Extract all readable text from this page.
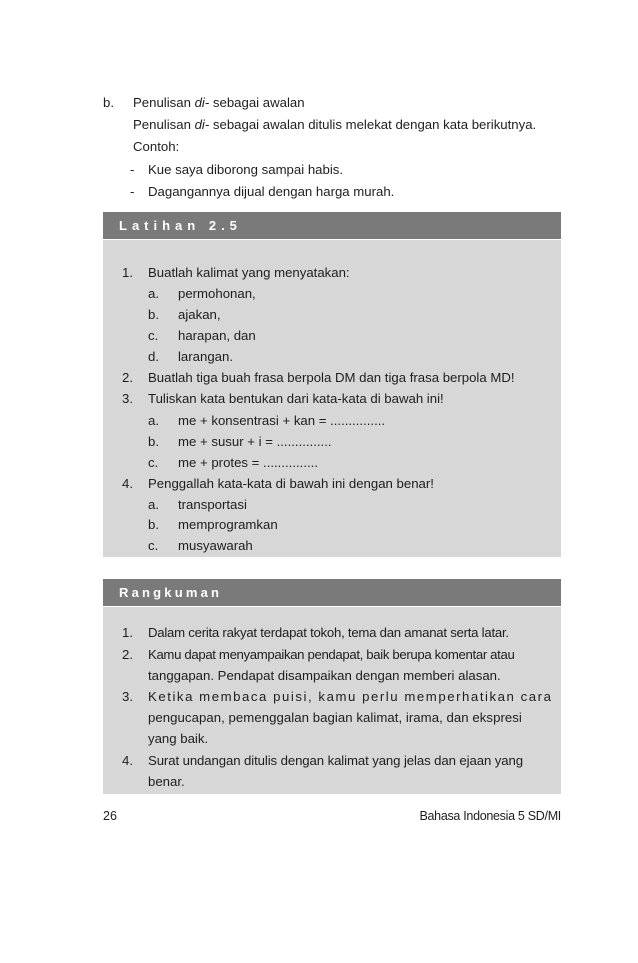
b. Penulisan di- sebagai awalan
Penulisan di- sebagai awalan ditulis melekat dengan kata berikutnya.
Contoh:
- Kue saya diborong sampai habis.
- Dagangannya dijual dengan harga murah.
Latihan 2.5
1. Buatlah kalimat yang menyatakan:
a. permohonan,
b. ajakan,
c. harapan, dan
d. larangan.
2. Buatlah tiga buah frasa berpola DM dan tiga frasa berpola MD!
3. Tuliskan kata bentukan dari kata-kata di bawah ini!
a. me + konsentrasi + kan = ...............
b. me + susur + i = ...............
c. me + protes = ...............
4. Penggallah kata-kata di bawah ini dengan benar!
a. transportasi
b. memprogramkan
c. musyawarah
Rangkuman
1. Dalam cerita rakyat terdapat tokoh, tema dan amanat serta latar.
2. Kamu dapat menyampaikan pendapat, baik berupa komentar atau
tanggapan. Pendapat disampaikan dengan memberi alasan.
3. Ketika membaca puisi, kamu perlu memperhatikan cara
pengucapan, pemenggalan bagian kalimat, irama, dan ekspresi
yang baik.
4. Surat undangan ditulis dengan kalimat yang jelas dan ejaan yang
benar.
26	Bahasa Indonesia 5 SD/MI
